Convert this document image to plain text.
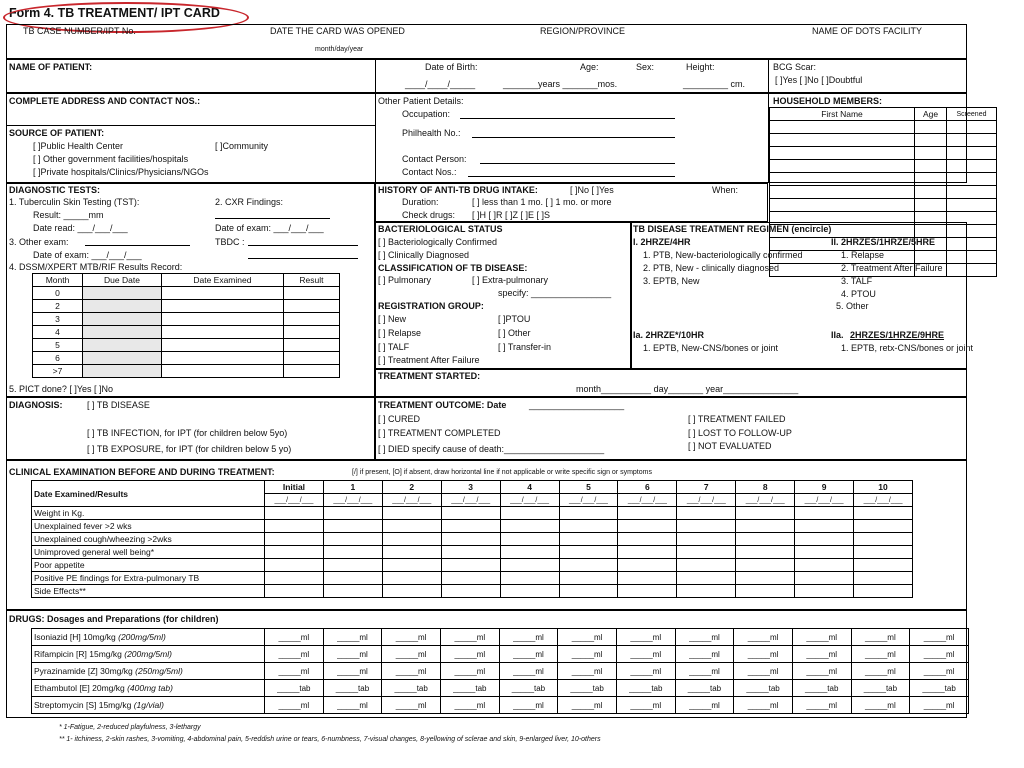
Form 4. TB TREATMENT/ IPT CARD
TB CASE NUMBER/IPT No.	DATE THE CARD WAS OPENED
month/day/year
REGION/PROVINCE	NAME OF DOTS FACILITY
NAME OF PATIENT:	Date of Birth:
____/____/_____
Age:
_______years _______mos.
Sex:	Height:
_________ cm.
BCG Scar:
[ ]Yes [ ]No [ ]Doubtful
COMPLETE ADDRESS AND CONTACT NOS.:
SOURCE OF PATIENT:
[ ]Public Health Center	[ ]Community
[ ] Other government facilities/hospitals
[ ]Private hospitals/Clinics/Physicians/NGOs
Other Patient Details:
Occupation:
Philhealth No.:
Contact Person:
Contact Nos.:
HOUSEHOLD MEMBERS:
First Name	Age	Screened

DIAGNOSTIC TESTS:
1. Tuberculin Skin Testing (TST):
Result: _____mm
Date read: ___/___/___
2. CXR Findings:
Date of exam: ___/___/___
3. Other exam:	TBDC :
Date of exam: ___/___/___
4. DSSM/XPERT MTB/RIF Results Record:
Month	Due Date	Date Examined	Result
0			
2			
3			
4			
5			
6			
>7			
5. PICT done? [ ]Yes [ ]No
HISTORY OF ANTI-TB DRUG INTAKE:	[ ]No [ ]Yes	When:
Duration:	[ ] less than 1 mo. [ ] 1 mo. or more
Check drugs: [ ]H [ ]R [ ]Z [ ]E [ ]S
BACTERIOLOGICAL STATUS
[ ] Bacteriologically Confirmed
[ ] Clinically Diagnosed
CLASSIFICATION OF TB DISEASE:
[ ] Pulmonary	[ ] Extra-pulmonary
specify: ________________
REGISTRATION GROUP:
[ ] New	[ ]PTOU
[ ] Relapse	[ ] Other
[ ] TALF	[ ] Transfer-in
[ ] Treatment After Failure
TB DISEASE TREATMENT REGIMEN (encircle)
I. 2HRZE/4HR
1. PTB, New-bacteriologically confirmed
2. PTB, New - clinically diagnosed
3. EPTB, New
II. 2HRZES/1HRZE/5HRE
1. Relapse
2. Treatment After Failure
3. TALF
4. PTOU
5. Other
Ia. 2HRZE*/10HR
1. EPTB, New-CNS/bones or joint
IIa. 2HRZES/1HRZE/9HRE
1. EPTB, retx-CNS/bones or joint
TREATMENT STARTED:
month__________ day_______ year_______________
DIAGNOSIS:	[ ] TB DISEASE
[ ] TB INFECTION, for IPT (for children below 5yo)
[ ] TB EXPOSURE, for IPT (for children below 5 yo)
TREATMENT OUTCOME: Date	___________________
[ ] CURED
[ ] TREATMENT COMPLETED
[ ] DIED specify cause of death:____________________
[ ] TREATMENT FAILED
[ ] LOST TO FOLLOW-UP
[ ] NOT EVALUATED
CLINICAL EXAMINATION BEFORE AND DURING TREATMENT:	[/] if present, [O] if absent, draw horizontal line if not applicable or write specific sign or symptoms
Date Examined/Results	Initial	1	2	3	4	5	6	7	8	9	10
	___/___/___	___/___/___	___/___/___	___/___/___	___/___/___	___/___/___	___/___/___	___/___/___	___/___/___	___/___/___	___/___/___
Weight in Kg.											
Unexplained fever >2 wks											
Unexplained cough/wheezing >2wks											
Unimproved general well being*											
Poor appetite											
Positive PE findings for Extra-pulmonary TB											
Side Effects**											
DRUGS: Dosages and Preparations (for children)
Isoniazid [H] 10mg/kg (200mg/5ml)	_____ml	_____ml	_____ml	_____ml	_____ml	_____ml	_____ml	_____ml	_____ml	_____ml	_____ml	_____ml
Rifampicin [R] 15mg/kg (200mg/5ml)	_____ml	_____ml	_____ml	_____ml	_____ml	_____ml	_____ml	_____ml	_____ml	_____ml	_____ml	_____ml
Pyrazinamide [Z] 30mg/kg (250mg/5ml)	_____ml	_____ml	_____ml	_____ml	_____ml	_____ml	_____ml	_____ml	_____ml	_____ml	_____ml	_____ml
Ethambutol [E] 20mg/kg (400mg tab)	_____tab	_____tab	_____tab	_____tab	_____tab	_____tab	_____tab	_____tab	_____tab	_____tab	_____tab	_____tab
Streptomycin [S] 15mg/kg (1g/vial)	_____ml	_____ml	_____ml	_____ml	_____ml	_____ml	_____ml	_____ml	_____ml	_____ml	_____ml	_____ml
* 1-Fatigue, 2-reduced playfulness, 3-lethargy
** 1- itchiness, 2-skin rashes, 3-vomiting, 4-abdominal pain, 5-reddish urine or tears, 6-numbness, 7-visual changes, 8-yellowing of sclerae and skin, 9-enlarged liver, 10-others
